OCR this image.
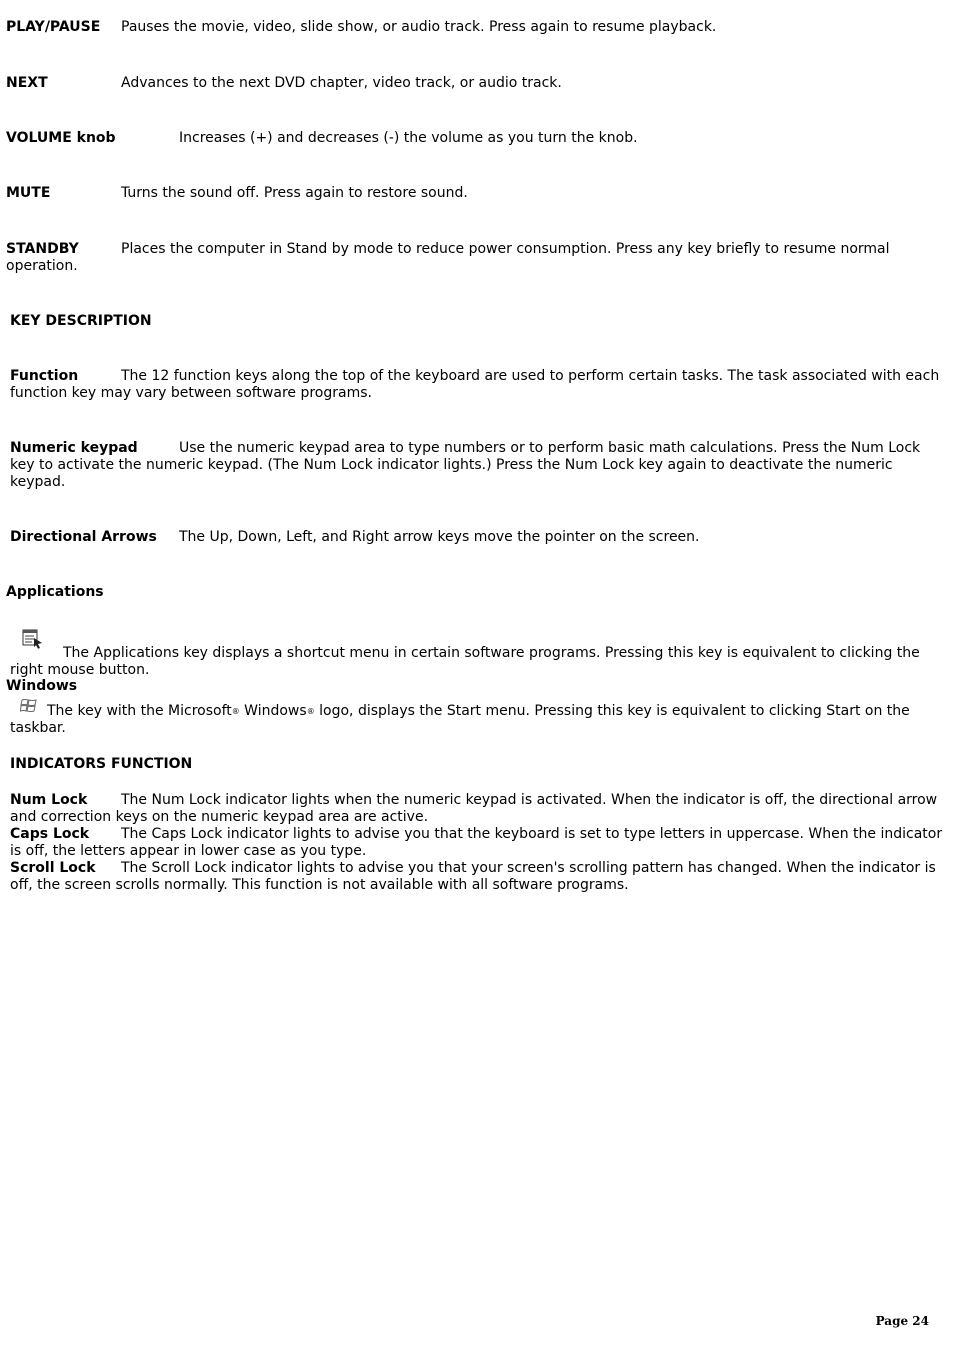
PLAY/PAUSE Pauses the movie, video, slide show, or audio track. Press again to resume playback.

NEXT	Advances to the next DVD chapter, video track, or audio track.

VOLUME knob	Increases (+) and decreases (-) the volume as you turn the knob.

MUTE	Turns the sound off. Press again to restore sound.

STANDBY	Places the computer in Stand by mode to reduce power consumption. Press any key briefly to resume normal operation.

KEY DESCRIPTION

Function	The 12 function keys along the top of the keyboard are used to perform certain tasks. The task associated with each function key may vary between software programs.

Numeric keypad	Use the numeric keypad area to type numbers or to perform basic math calculations. Press the Num Lock key to activate the numeric keypad. (The Num Lock indicator lights.) Press the Num Lock key again to deactivate the numeric keypad.

Directional Arrows The Up, Down, Left, and Right arrow keys move the pointer on the screen.

Applications

The Applications key displays a shortcut menu in certain software programs. Pressing this key is equivalent to clicking the right mouse button.

Windows

The key with the Microsoft® Windows® logo, displays the Start menu. Pressing this key is equivalent to clicking Start on the taskbar.

INDICATORS FUNCTION

Num Lock The Num Lock indicator lights when the numeric keypad is activated. When the indicator is off, the directional arrow and correction keys on the numeric keypad area are active.

Caps Lock The Caps Lock indicator lights to advise you that the keyboard is set to type letters in uppercase. When the indicator is off, the letters appear in lower case as you type.

Scroll Lock The Scroll Lock indicator lights to advise you that your screen's scrolling pattern has changed. When the indicator is off, the screen scrolls normally. This function is not available with all software programs.

Page 24
